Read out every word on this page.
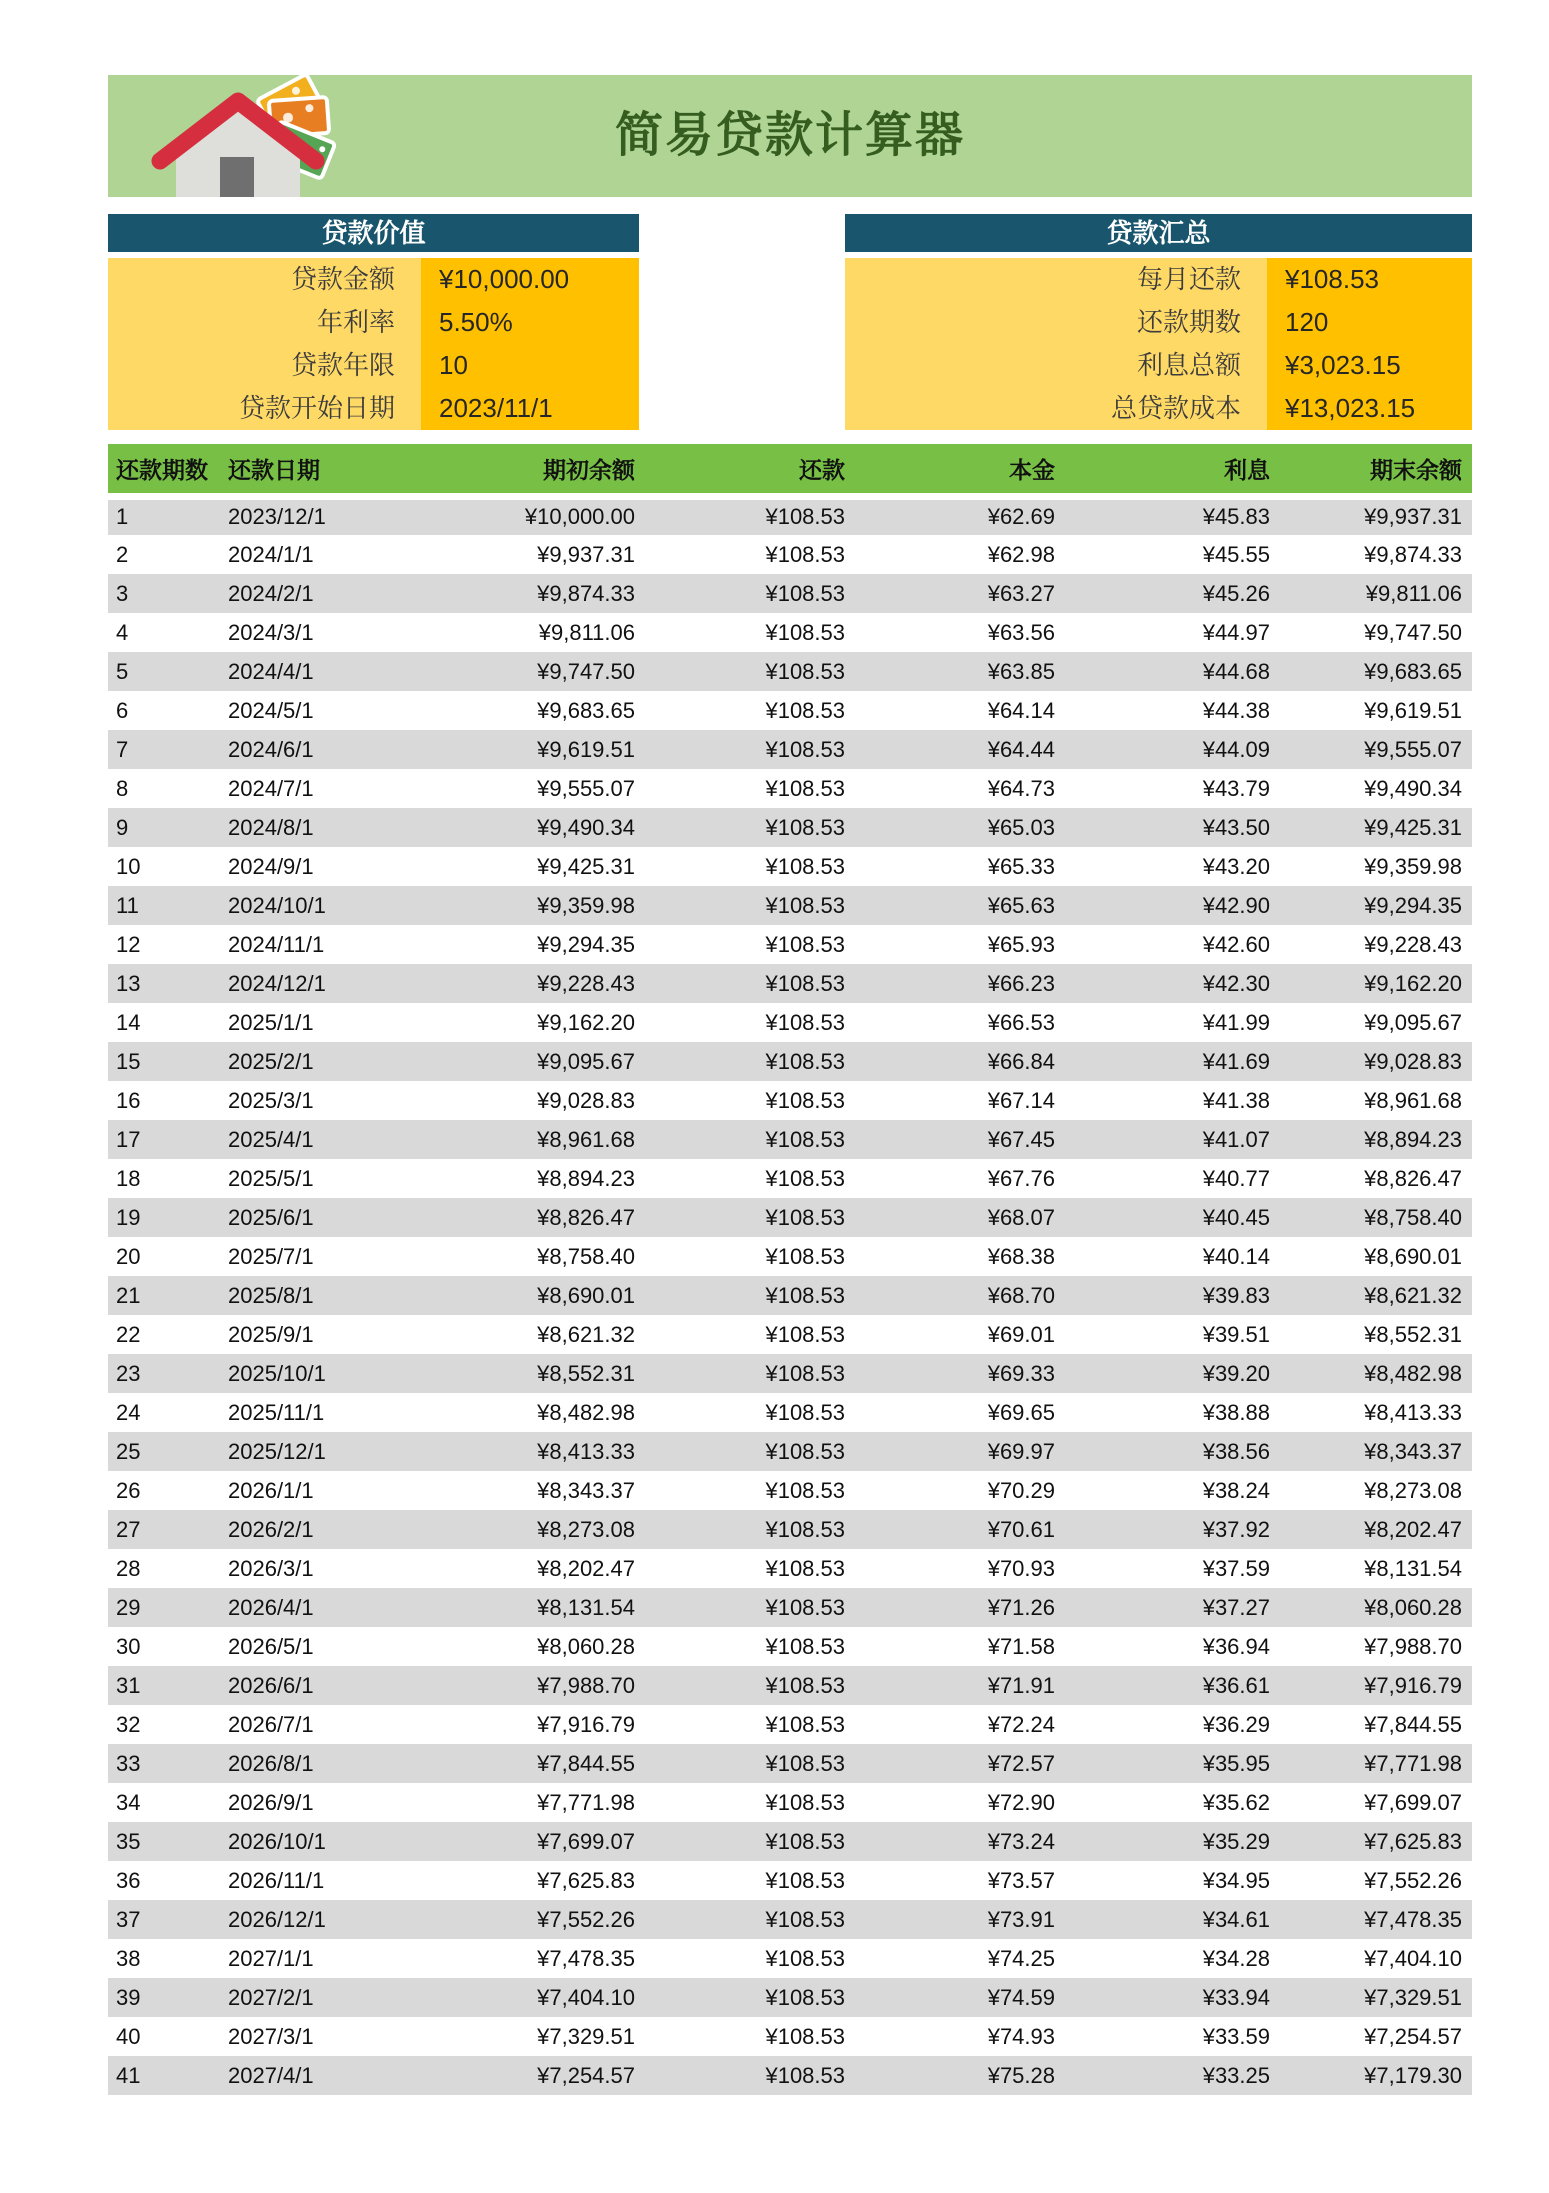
简易贷款计算器
贷款价值
贷款金额	¥10,000.00
年利率	5.50%
贷款年限	10
贷款开始日期	2023/11/1
贷款汇总
每月还款	¥108.53
还款期数	120
利息总额	¥3,023.15
总贷款成本	¥13,023.15
还款期数	还款日期	期初余额	还款	本金	利息	期末余额
1	2023/12/1	¥10,000.00	¥108.53	¥62.69	¥45.83	¥9,937.31
2	2024/1/1	¥9,937.31	¥108.53	¥62.98	¥45.55	¥9,874.33
3	2024/2/1	¥9,874.33	¥108.53	¥63.27	¥45.26	¥9,811.06
4	2024/3/1	¥9,811.06	¥108.53	¥63.56	¥44.97	¥9,747.50
5	2024/4/1	¥9,747.50	¥108.53	¥63.85	¥44.68	¥9,683.65
6	2024/5/1	¥9,683.65	¥108.53	¥64.14	¥44.38	¥9,619.51
7	2024/6/1	¥9,619.51	¥108.53	¥64.44	¥44.09	¥9,555.07
8	2024/7/1	¥9,555.07	¥108.53	¥64.73	¥43.79	¥9,490.34
9	2024/8/1	¥9,490.34	¥108.53	¥65.03	¥43.50	¥9,425.31
10	2024/9/1	¥9,425.31	¥108.53	¥65.33	¥43.20	¥9,359.98
11	2024/10/1	¥9,359.98	¥108.53	¥65.63	¥42.90	¥9,294.35
12	2024/11/1	¥9,294.35	¥108.53	¥65.93	¥42.60	¥9,228.43
13	2024/12/1	¥9,228.43	¥108.53	¥66.23	¥42.30	¥9,162.20
14	2025/1/1	¥9,162.20	¥108.53	¥66.53	¥41.99	¥9,095.67
15	2025/2/1	¥9,095.67	¥108.53	¥66.84	¥41.69	¥9,028.83
16	2025/3/1	¥9,028.83	¥108.53	¥67.14	¥41.38	¥8,961.68
17	2025/4/1	¥8,961.68	¥108.53	¥67.45	¥41.07	¥8,894.23
18	2025/5/1	¥8,894.23	¥108.53	¥67.76	¥40.77	¥8,826.47
19	2025/6/1	¥8,826.47	¥108.53	¥68.07	¥40.45	¥8,758.40
20	2025/7/1	¥8,758.40	¥108.53	¥68.38	¥40.14	¥8,690.01
21	2025/8/1	¥8,690.01	¥108.53	¥68.70	¥39.83	¥8,621.32
22	2025/9/1	¥8,621.32	¥108.53	¥69.01	¥39.51	¥8,552.31
23	2025/10/1	¥8,552.31	¥108.53	¥69.33	¥39.20	¥8,482.98
24	2025/11/1	¥8,482.98	¥108.53	¥69.65	¥38.88	¥8,413.33
25	2025/12/1	¥8,413.33	¥108.53	¥69.97	¥38.56	¥8,343.37
26	2026/1/1	¥8,343.37	¥108.53	¥70.29	¥38.24	¥8,273.08
27	2026/2/1	¥8,273.08	¥108.53	¥70.61	¥37.92	¥8,202.47
28	2026/3/1	¥8,202.47	¥108.53	¥70.93	¥37.59	¥8,131.54
29	2026/4/1	¥8,131.54	¥108.53	¥71.26	¥37.27	¥8,060.28
30	2026/5/1	¥8,060.28	¥108.53	¥71.58	¥36.94	¥7,988.70
31	2026/6/1	¥7,988.70	¥108.53	¥71.91	¥36.61	¥7,916.79
32	2026/7/1	¥7,916.79	¥108.53	¥72.24	¥36.29	¥7,844.55
33	2026/8/1	¥7,844.55	¥108.53	¥72.57	¥35.95	¥7,771.98
34	2026/9/1	¥7,771.98	¥108.53	¥72.90	¥35.62	¥7,699.07
35	2026/10/1	¥7,699.07	¥108.53	¥73.24	¥35.29	¥7,625.83
36	2026/11/1	¥7,625.83	¥108.53	¥73.57	¥34.95	¥7,552.26
37	2026/12/1	¥7,552.26	¥108.53	¥73.91	¥34.61	¥7,478.35
38	2027/1/1	¥7,478.35	¥108.53	¥74.25	¥34.28	¥7,404.10
39	2027/2/1	¥7,404.10	¥108.53	¥74.59	¥33.94	¥7,329.51
40	2027/3/1	¥7,329.51	¥108.53	¥74.93	¥33.59	¥7,254.57
41	2027/4/1	¥7,254.57	¥108.53	¥75.28	¥33.25	¥7,179.30
